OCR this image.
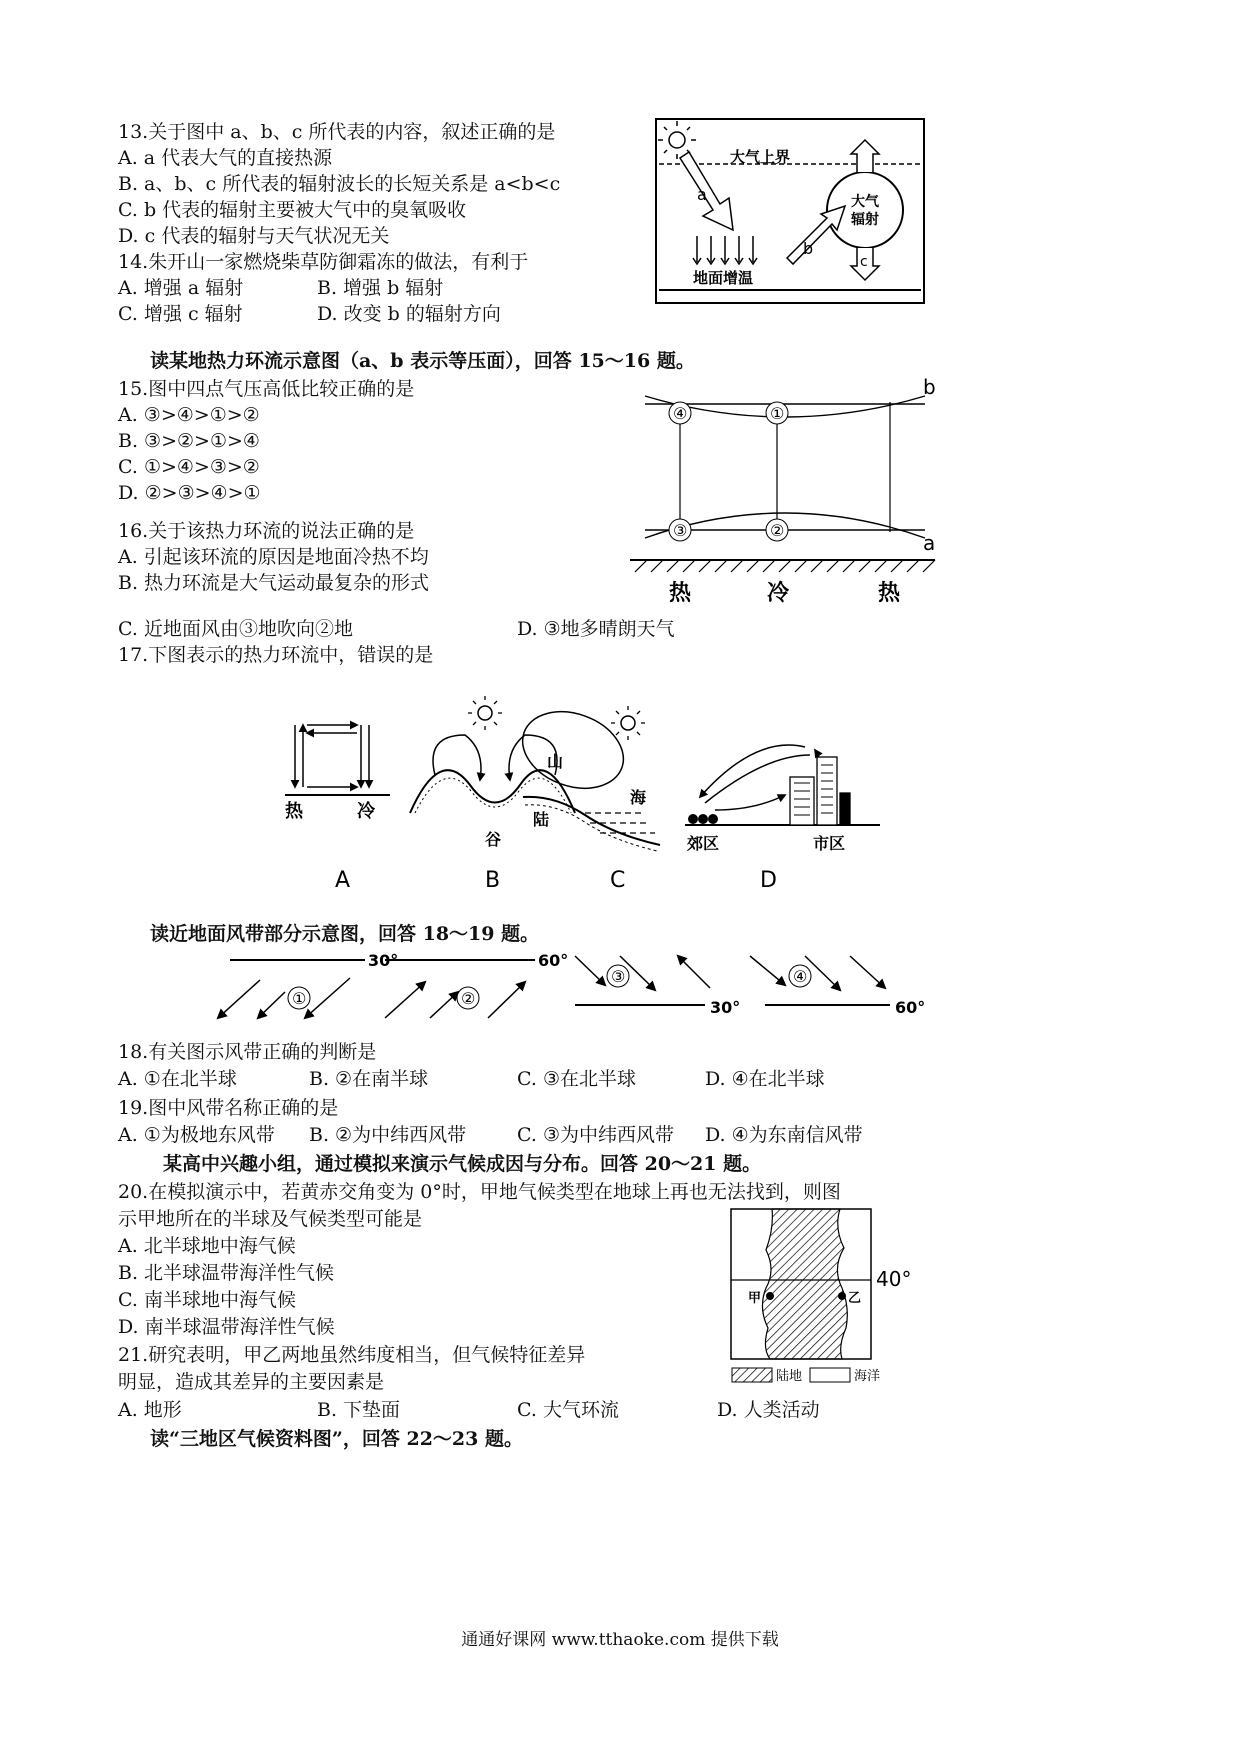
13.关于图中 a、b、c 所代表的内容，叙述正确的是
A. a 代表大气的直接热源
B. a、b、c 所代表的辐射波长的长短关系是 a<b<c
C. b 代表的辐射主要被大气中的臭氧吸收
D. c 代表的辐射与天气状况无关
14.朱开山一家燃烧柴草防御霜冻的做法，有利于
A. 增强 a 辐射	B. 增强 b 辐射
C. 增强 c 辐射	D. 改变 b 的辐射方向
大气上界
a	大气
辐射
b
c
地面增温
读某地热力环流示意图（a、b 表示等压面），回答 15～16 题。
15.图中四点气压高低比较正确的是
A. ③>④>①>②
B. ③>②>①>④
C. ①>④>③>②
D. ②>③>④>①
16.关于该热力环流的说法正确的是
A. 引起该环流的原因是地面冷热不均
B. 热力环流是大气运动最复杂的形式
C. 近地面风由③地吹向②地	D. ③地多晴朗天气
b
a
④	①
③	②
热	冷	热
17.下图表示的热力环流中，错误的是
热	冷
山
谷
陆
海
郊区	市区
A	B	C	D
读近地面风带部分示意图，回答 18～19 题。
30°
①
60°
②
③
30°
④
60°
18.有关图示风带正确的判断是
A. ①在北半球	B. ②在南半球	C. ③在北半球	D. ④在北半球
19.图中风带名称正确的是
A. ①为极地东风带 B. ②为中纬西风带	C. ③为中纬西风带 D. ④为东南信风带
某高中兴趣小组，通过模拟来演示气候成因与分布。回答 20～21 题。
20.在模拟演示中，若黄赤交角变为 0°时，甲地气候类型在地球上再也无法找到，则图
示甲地所在的半球及气候类型可能是
A. 北半球地中海气候
B. 北半球温带海洋性气候
C. 南半球地中海气候
D. 南半球温带海洋性气候
40°
甲	乙
陆地	海洋
21.研究表明，甲乙两地虽然纬度相当，但气候特征差异
明显，造成其差异的主要因素是
A. 地形	B. 下垫面	C. 大气环流	D. 人类活动
读“三地区气候资料图”，回答 22～23 题。
通通好课网 www.tthaoke.com 提供下载
